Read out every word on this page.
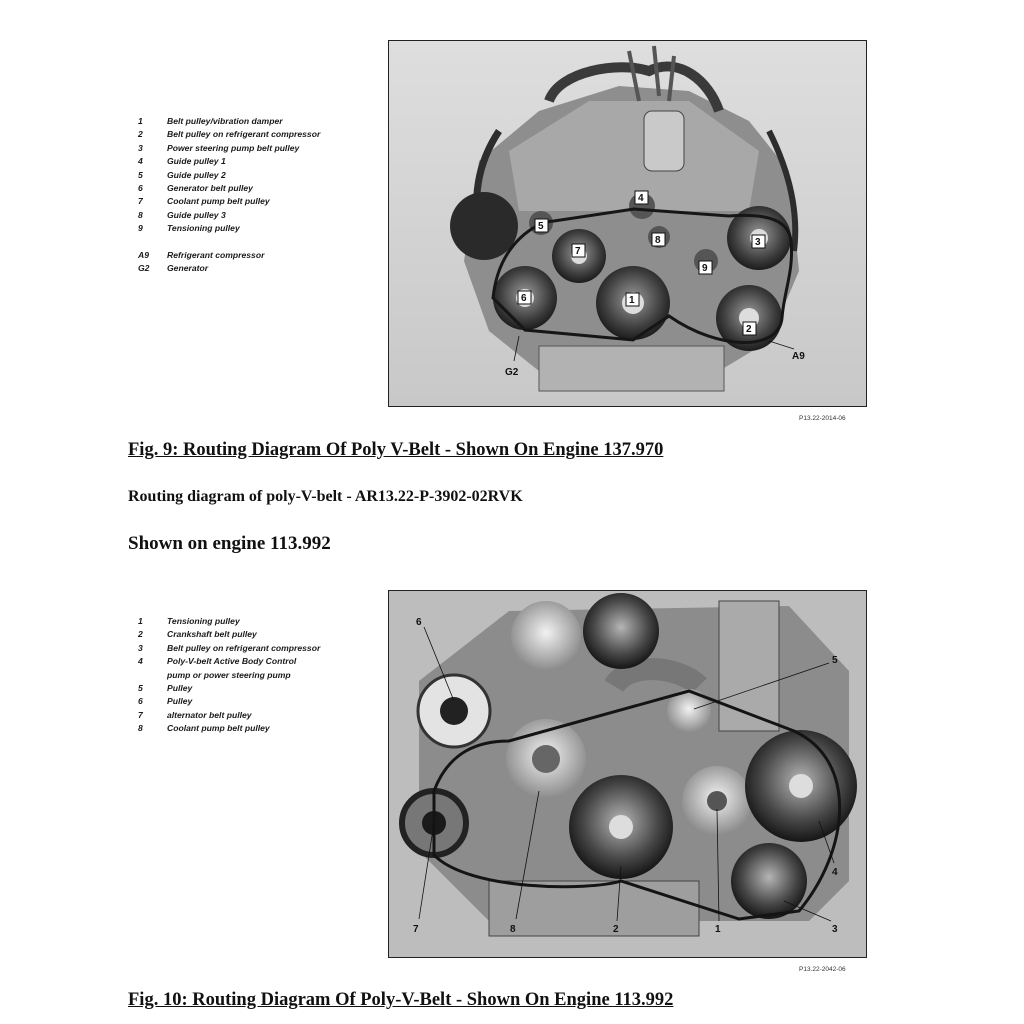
1	Belt pulley/vibration damper
2	Belt pulley on refrigerant compressor
3	Power steering pump belt pulley
4	Guide pulley 1
5	Guide pulley 2
6	Generator belt pulley
7	Coolant pump belt pulley
8	Guide pulley 3
9	Tensioning pulley
A9	Refrigerant compressor
G2	Generator
1
2
3
4
5
6
7
8
9
A9
G2
P13.22-2014-06
Fig. 9: Routing Diagram Of Poly V-Belt - Shown On Engine 137.970
Routing diagram of poly-V-belt - AR13.22-P-3902-02RVK
Shown on engine 113.992
1	Tensioning pulley
2	Crankshaft belt pulley
3	Belt pulley on refrigerant compressor
4	Poly-V-belt Active Body Control
pump or power steering pump
5	Pulley
6	Pulley
7	alternator belt pulley
8	Coolant pump belt pulley
1
2	3
4
5
6
7	8
P13.22-2042-06
Fig. 10: Routing Diagram Of Poly-V-Belt - Shown On Engine 113.992
